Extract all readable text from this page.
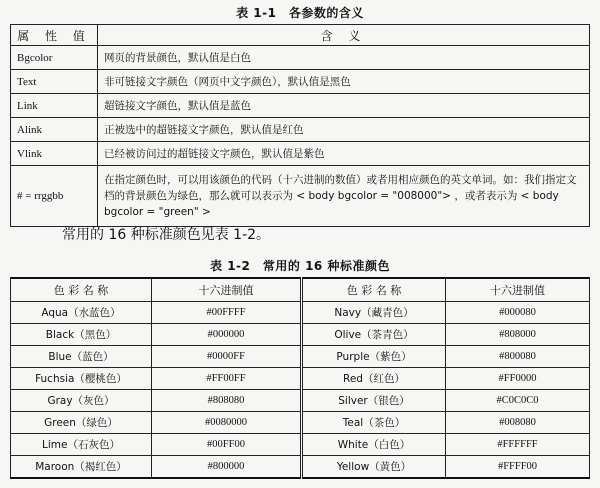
表 1-1　各参数的含义
属 性 值	含 义
Bgcolor	网页的背景颜色，默认值是白色
Text	非可链接文字颜色（网页中文字颜色），默认值是黑色
Link	超链接文字颜色，默认值是蓝色
Alink	正被选中的超链接文字颜色，默认值是红色
Vlink	已经被访问过的超链接文字颜色，默认值是紫色
# = rrggbb	在指定颜色时，可以用该颜色的代码（十六进制的数值）或者用相应颜色的英文单词。如：我们指定文档的背景颜色为绿色，那么就可以表示为 < body bgcolor = "008000"> ，或者表示为 < body bgcolor = "green" >
常用的 16 种标准颜色见表 1-2。
表 1-2　常用的 16 种标准颜色
色 彩 名 称	十六进制值	色 彩 名 称	十六进制值
Aqua（水蓝色）	#00FFFF	Navy（藏青色）	#000080
Black（黑色）	#000000	Olive（茶青色）	#808000
Blue（蓝色）	#0000FF	Purple（紫色）	#800080
Fuchsia（樱桃色）	#FF00FF	Red（红色）	#FF0000
Gray（灰色）	#808080	Silver（银色）	#C0C0C0
Green（绿色）	#0080000	Teal（茶色）	#008080
Lime（石灰色）	#00FF00	White（白色）	#FFFFFF
Maroon（褐红色）	#800000	Yellow（黄色）	#FFFF00
